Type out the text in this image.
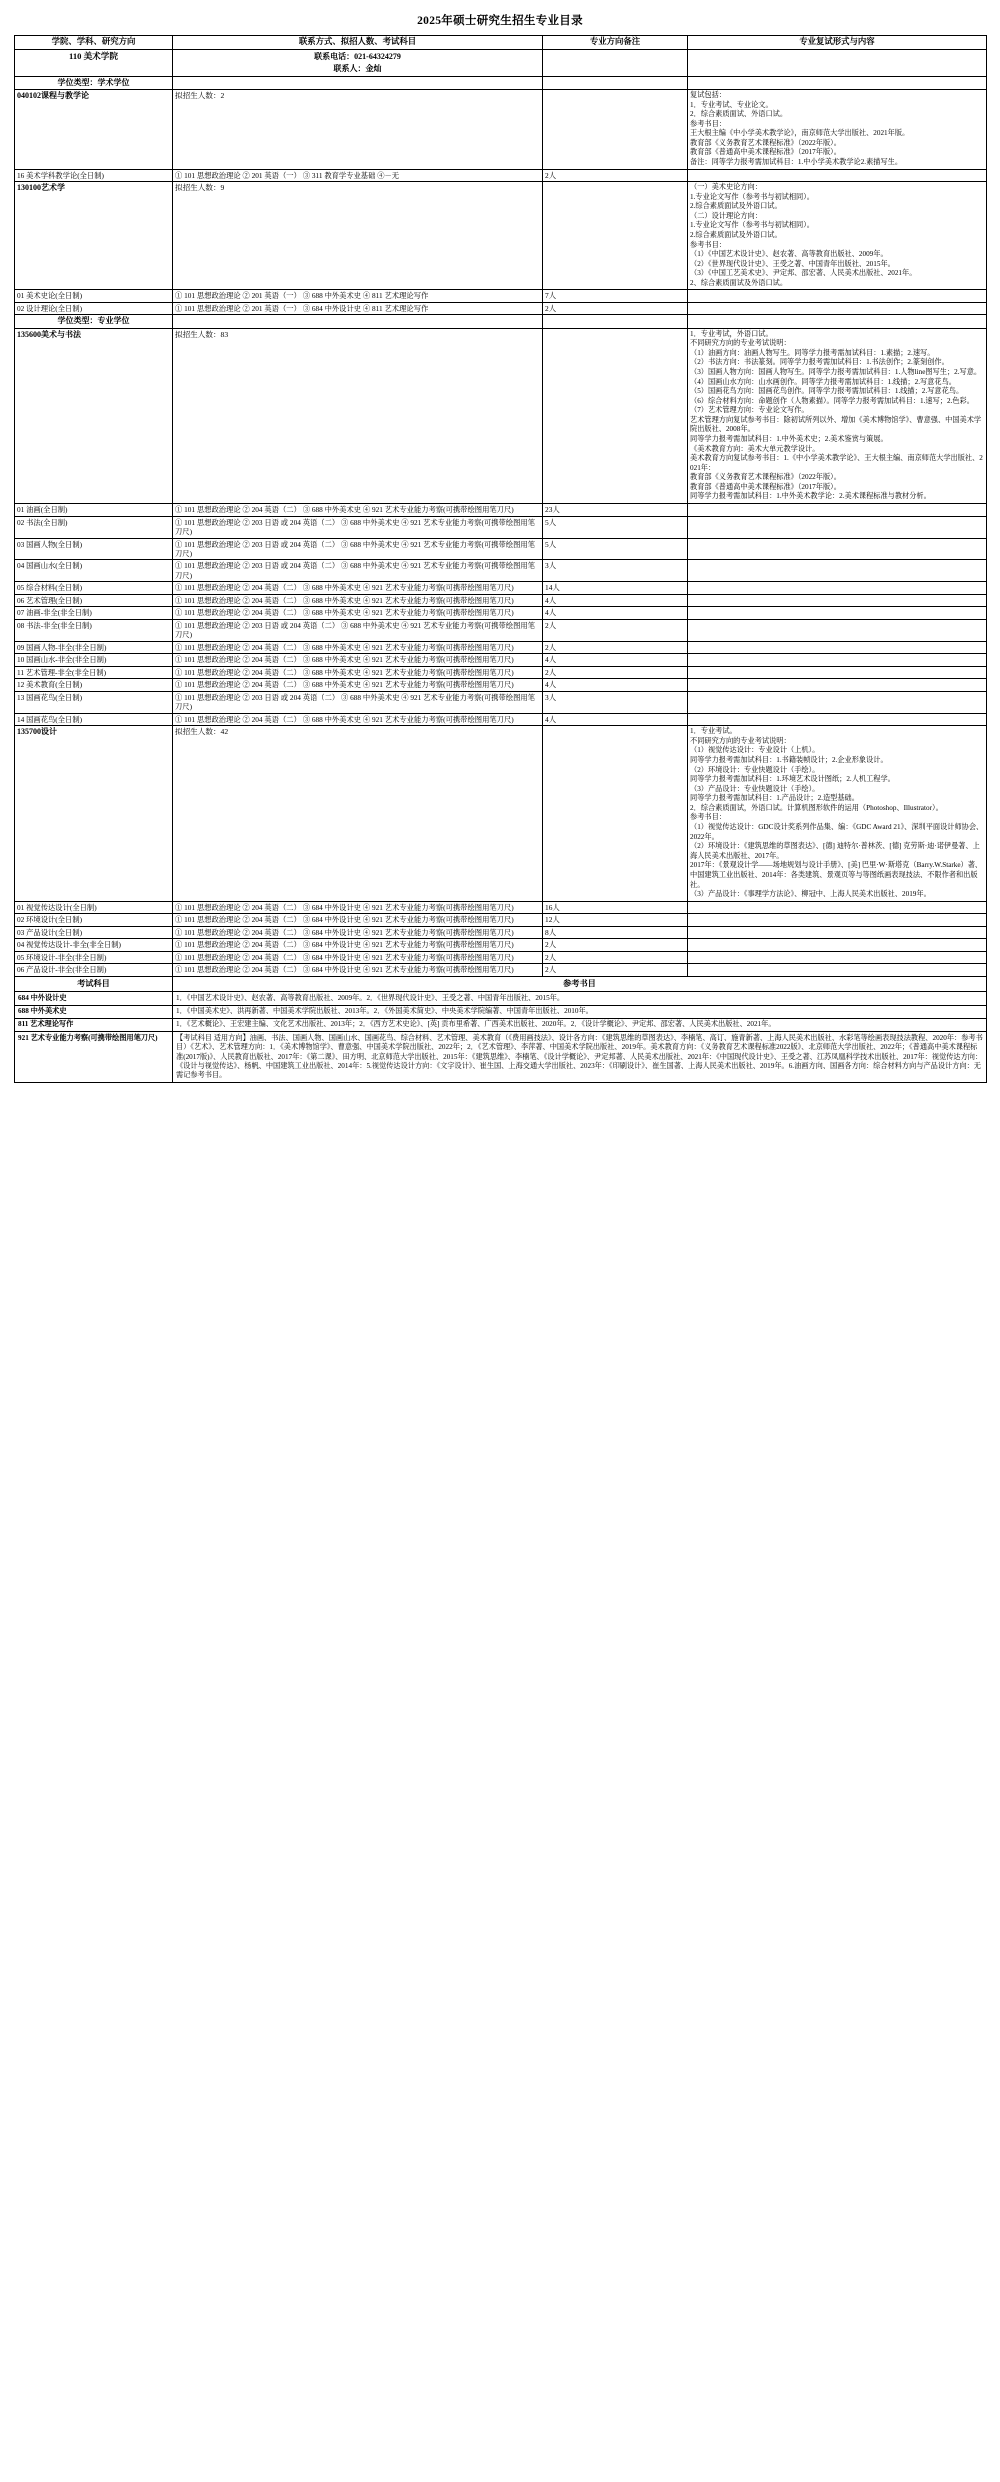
2025年硕士研究生招生专业目录
学院、学科、研究方向	联系方式、拟招人数、考试科目	专业方向备注	专业复试形式与内容
110 美术学院	联系电话：021-64324279
联系人：金灿		
学位类型：学术学位			
040102课程与教学论	拟招生人数：2		复试包括：

1．专业考试、专业论文。

2．综合素质面试、外语口试。

参考书目：

王大根主编《中小学美术教学论》，南京师范大学出版社、2021年版。

教育部《义务教育艺术课程标准》（2022年版）。

教育部《普通高中美术课程标准》（2017年版）。

备注：同等学力报考需加试科目：1.中小学美术教学论2.素描写生。

16 美术学科教学论(全日制)	① 101 思想政治理论 ② 201 英语（一） ③ 311 教育学专业基础 ④－无	2人	
130100艺术学	拟招生人数：9		（一）美术史论方向：

1.专业论文写作（参考书与初试相同）。

2.综合素质面试及外语口试。

（二）设计理论方向：

1.专业论文写作（参考书与初试相同）。

2.综合素质面试及外语口试。

参考书目：

（1）《中国艺术设计史》、赵农著、高等教育出版社、2009年。

（2）《世界现代设计史》、王受之著、中国青年出版社、2015年。

（3）《中国工艺美术史》、尹定邦、邵宏著、人民美术出版社、2021年。

2、综合素质面试及外语口试。

01 美术史论(全日制)	① 101 思想政治理论 ② 201 英语（一） ③ 688 中外美术史 ④ 811 艺术理论写作	7人	
02 设计理论(全日制)	① 101 思想政治理论 ② 201 英语（一） ③ 684 中外设计史 ④ 811 艺术理论写作	2人	
学位类型：专业学位			
135600美术与书法	拟招生人数：83		1．专业考试，外语口试。

不同研究方向的专业考试说明：

（1）油画方向：油画人物写生。同等学力报考需加试科目：1.素描；2.速写。

（2）书法方向：书法篆刻。同等学力报考需加试科目：1.书法创作；2.篆刻创作。

（3）国画人物方向：国画人物写生。同等学力报考需加试科目：1.人物line图写生；2.写意。

（4）国画山水方向：山水画创作。同等学力报考需加试科目：1.线描；2.写意花鸟。

（5）国画花鸟方向：国画花鸟创作。同等学力报考需加试科目：1.线描；2.写意花鸟。

（6）综合材料方向：命题创作（人物素描）。同等学力报考需加试科目：1.速写；2.色彩。

（7）艺术管理方向：专业论文写作。

艺术管理方向复试参考书目：除初试所列以外、增加《美术博物馆学》、曹意强、中国美术学院出版社、2008年。

同等学力报考需加试科目：1.中外美术史；2.美术鉴赏与策展。

《美术教育方向：美术大单元教学设计。

美术教育方向复试参考书目：1.《中小学美术教学论》、王大根主编、南京师范大学出版社、2021年：

教育部《义务教育艺术课程标准》（2022年版）。

教育部《普通高中美术课程标准》（2017年版）。

同等学力报考需加试科目：1.中外美术教学论：2.美术课程标准与教材分析。

01 油画(全日制)	① 101 思想政治理论 ② 204 英语（二） ③ 688 中外美术史 ④ 921 艺术专业能力考察(可携带绘图用笔刀尺)	23人	
02 书法(全日制)	① 101 思想政治理论 ② 203 日语 或 204 英语（二） ③ 688 中外美术史 ④ 921 艺术专业能力考察(可携带绘图用笔刀尺)	5人	
03 国画人物(全日制)	① 101 思想政治理论 ② 203 日语 或 204 英语（二） ③ 688 中外美术史 ④ 921 艺术专业能力考察(可携带绘图用笔刀尺)	5人	
04 国画山水(全日制)	① 101 思想政治理论 ② 203 日语 或 204 英语（二） ③ 688 中外美术史 ④ 921 艺术专业能力考察(可携带绘图用笔刀尺)	3人	
05 综合材料(全日制)	① 101 思想政治理论 ② 204 英语（二） ③ 688 中外美术史 ④ 921 艺术专业能力考察(可携带绘图用笔刀尺)	14人	
06 艺术管理(全日制)	① 101 思想政治理论 ② 204 英语（二） ③ 688 中外美术史 ④ 921 艺术专业能力考察(可携带绘图用笔刀尺)	4人	
07 油画-非全(非全日制)	① 101 思想政治理论 ② 204 英语（二） ③ 688 中外美术史 ④ 921 艺术专业能力考察(可携带绘图用笔刀尺)	4人	
08 书法-非全(非全日制)	① 101 思想政治理论 ② 203 日语 或 204 英语（二） ③ 688 中外美术史 ④ 921 艺术专业能力考察(可携带绘图用笔刀尺)	2人	
09 国画人物-非全(非全日制)	① 101 思想政治理论 ② 204 英语（二） ③ 688 中外美术史 ④ 921 艺术专业能力考察(可携带绘图用笔刀尺)	2人	
10 国画山水-非全(非全日制)	① 101 思想政治理论 ② 204 英语（二） ③ 688 中外美术史 ④ 921 艺术专业能力考察(可携带绘图用笔刀尺)	4人	
11 艺术管理-非全(非全日制)	① 101 思想政治理论 ② 204 英语（二） ③ 688 中外美术史 ④ 921 艺术专业能力考察(可携带绘图用笔刀尺)	2人	
12 美术教育(全日制)	① 101 思想政治理论 ② 204 英语（二） ③ 688 中外美术史 ④ 921 艺术专业能力考察(可携带绘图用笔刀尺)	4人	
13 国画花鸟(全日制)	① 101 思想政治理论 ② 203 日语 或 204 英语（二） ③ 688 中外美术史 ④ 921 艺术专业能力考察(可携带绘图用笔刀尺)	3人	
14 国画花鸟(全日制)	① 101 思想政治理论 ② 204 英语（二） ③ 688 中外美术史 ④ 921 艺术专业能力考察(可携带绘图用笔刀尺)	4人	
135700设计	拟招生人数：42		1．专业考试。

不同研究方向的专业考试说明：

（1）视觉传达设计：专业设计（上机）。

同等学力报考需加试科目：1.书籍装帧设计；2.企业形象设计。

（2）环境设计：专业快题设计（手绘）。

同等学力报考需加试科目：1.环境艺术设计图纸；2.人机工程学。

（3）产品设计：专业快题设计（手绘）。

同等学力报考需加试科目：1.产品设计；2.造型基础。

2．综合素质面试，外语口试。计算机图形软件的运用（Photoshop、Illustrator）。

参考书目：

（1）视觉传达设计：GDC设计奖系列作品集、编：《GDC Award 21》、深圳平面设计师协会、2022年。

（2）环境设计：《建筑思维的草图表达》、[德] 迪特尔·普林茨、[德] 克劳斯·迪·诺伊曼著、上海人民美术出版社、2017年。

2017年：《景观设计学——场地规划与设计手册》、[美] 巴里·W·斯塔克（Barry.W.Starke）著、中国建筑工业出版社、2014年：各类建筑、景观页等与等图纸画表现技法、不限作者和出版社。

（3）产品设计：《事理学方法论》、柳冠中、上海人民美术出版社、2019年。

01 视觉传达设计(全日制)	① 101 思想政治理论 ② 204 英语（二） ③ 684 中外设计史 ④ 921 艺术专业能力考察(可携带绘图用笔刀尺)	16人	
02 环境设计(全日制)	① 101 思想政治理论 ② 204 英语（二） ③ 684 中外设计史 ④ 921 艺术专业能力考察(可携带绘图用笔刀尺)	12人	
03 产品设计(全日制)	① 101 思想政治理论 ② 204 英语（二） ③ 684 中外设计史 ④ 921 艺术专业能力考察(可携带绘图用笔刀尺)	8人	
04 视觉传达设计-非全(非全日制)	① 101 思想政治理论 ② 204 英语（二） ③ 684 中外设计史 ④ 921 艺术专业能力考察(可携带绘图用笔刀尺)	2人	
05 环境设计-非全(非全日制)	① 101 思想政治理论 ② 204 英语（二） ③ 684 中外设计史 ④ 921 艺术专业能力考察(可携带绘图用笔刀尺)	2人	
06 产品设计-非全(非全日制)	① 101 思想政治理论 ② 204 英语（二） ③ 684 中外设计史 ④ 921 艺术专业能力考察(可携带绘图用笔刀尺)	2人	
考试科目	参考书目
684 中外设计史	1．《中国艺术设计史》、赵农著、高等教育出版社、2009年。2．《世界现代设计史》、王受之著、中国青年出版社、2015年。
688 中外美术史	1．《中国美术史》、洪再新著、中国美术学院出版社、2013年。2．《外国美术简史》、中央美术学院编著、中国青年出版社、2010年。
811 艺术理论写作	1．《艺术概论》、王宏建主编、文化艺术出版社、2013年；2．《西方艺术史论》、[英] 贡布里希著、广西美术出版社、2020年。2．《设计学概论》、尹定邦、邵宏著、人民美术出版社、2021年。
921 艺术专业能力考察(可携带绘图用笔刀尺)	【考试科目 适用方向】油画、书法、国画人物、国画山水、国画花鸟、综合材料、艺术管理、美术教育（《费用画技法》、设计各方向：《建筑思维的草图表达》、李楠笔、高订、施青新著、上海人民美术出版社、水彩笔等绘画表现技法教程、2020年：参考书目）《艺术》、艺术管理方向：1．《美术博物馆学》、曹意强、中国美术学院出版社、2022年；2．《艺术管理》、李萍著、中国美术学院出版社、2019年。美术教育方向：《义务教育艺术课程标准2022版》、北京师范大学出版社、2022年；《普通高中美术课程标准(2017版)》、人民教育出版社、2017年：《第二课》、田方明、北京师范大学出版社、2015年：《建筑思维》、李楠笔、《设计学概论》、尹定邦著、人民美术出版社、2021年：《中国现代设计史》、王受之著、江苏凤凰科学技术出版社、2017年：视觉传达方向：《设计与视觉传达》、杨帆、中国建筑工业出版社、2014年：5.视觉传达设计方向：《文字设计》、崔生国、上海交通大学出版社、2023年：《印刷设计》、崔生国著、上海人民美术出版社、2019年。6.油画方向、国画各方向：综合材料方向与产品设计方向：无需记参考书目。
